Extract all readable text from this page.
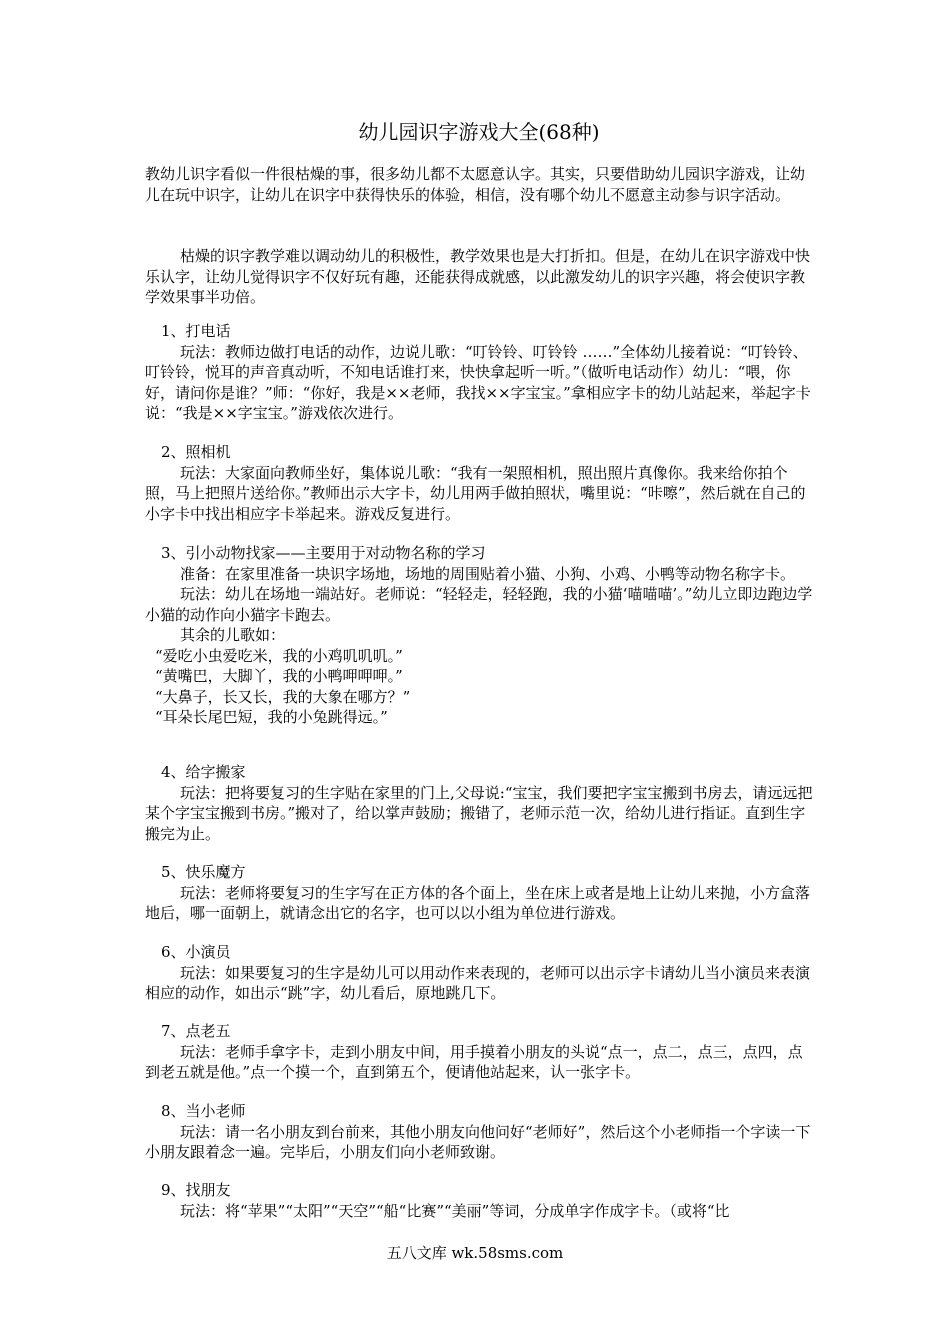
幼儿园识字游戏大全(68种)

教幼儿识字看似一件很枯燥的事，很多幼儿都不太愿意认字。其实，只要借助幼儿园识字游戏，让幼儿在玩中识字，让幼儿在识字中获得快乐的体验，相信，没有哪个幼儿不愿意主动参与识字活动。

枯燥的识字教学难以调动幼儿的积极性，教学效果也是大打折扣。但是，在幼儿在识字游戏中快乐认字，让幼儿觉得识字不仅好玩有趣，还能获得成就感，以此激发幼儿的识字兴趣，将会使识字教学效果事半功倍。

1、打电话

玩法：教师边做打电话的动作，边说儿歌：“叮铃铃、叮铃铃 ……”全体幼儿接着说：“叮铃铃、叮铃铃，悦耳的声音真动听，不知电话谁打来，快快拿起听一听。”（做听电话动作）幼儿：“喂，你好，请问你是谁？”师：“你好，我是××老师，我找××字宝宝。”拿相应字卡的幼儿站起来，举起字卡说：“我是××字宝宝。”游戏依次进行。

2、照相机

玩法：大家面向教师坐好，集体说儿歌：“我有一架照相机，照出照片真像你。我来给你拍个照，马上把照片送给你。”教师出示大字卡，幼儿用两手做拍照状，嘴里说：“咔嚓”，然后就在自己的小字卡中找出相应字卡举起来。游戏反复进行。

3、引小动物找家——主要用于对动物名称的学习

准备：在家里准备一块识字场地，场地的周围贴着小猫、小狗、小鸡、小鸭等动物名称字卡。

玩法：幼儿在场地一端站好。老师说：“轻轻走，轻轻跑，我的小猫‘喵喵喵’。”幼儿立即边跑边学小猫的动作向小猫字卡跑去。

其余的儿歌如：

“爱吃小虫爱吃米，我的小鸡叽叽叽。”

“黄嘴巴，大脚丫，我的小鸭呷呷呷。”

“大鼻子，长又长，我的大象在哪方？”

“耳朵长尾巴短，我的小兔跳得远。”

4、给字搬家

玩法：把将要复习的生字贴在家里的门上,父母说:“宝宝，我们要把字宝宝搬到书房去，请远远把某个字宝宝搬到书房。”搬对了，给以掌声鼓励；搬错了，老师示范一次，给幼儿进行指证。直到生字搬完为止。

5、快乐魔方

玩法：老师将要复习的生字写在正方体的各个面上，坐在床上或者是地上让幼儿来抛，小方盒落地后，哪一面朝上，就请念出它的名字，也可以以小组为单位进行游戏。

6、小演员

玩法：如果要复习的生字是幼儿可以用动作来表现的，老师可以出示字卡请幼儿当小演员来表演相应的动作，如出示“跳”字，幼儿看后，原地跳几下。

7、点老五

玩法：老师手拿字卡，走到小朋友中间，用手摸着小朋友的头说“点一，点二，点三，点四，点到老五就是他。”点一个摸一个，直到第五个，便请他站起来，认一张字卡。

8、当小老师

玩法：请一名小朋友到台前来，其他小朋友向他问好“老师好”，然后这个小老师指一个字读一下小朋友跟着念一遍。完毕后，小朋友们向小老师致谢。

9、找朋友

玩法：将“苹果”“太阳”“天空”“船“比赛”“美丽”等词，分成单字作成字卡。（或将“比

五八文库 wk.58sms.com
